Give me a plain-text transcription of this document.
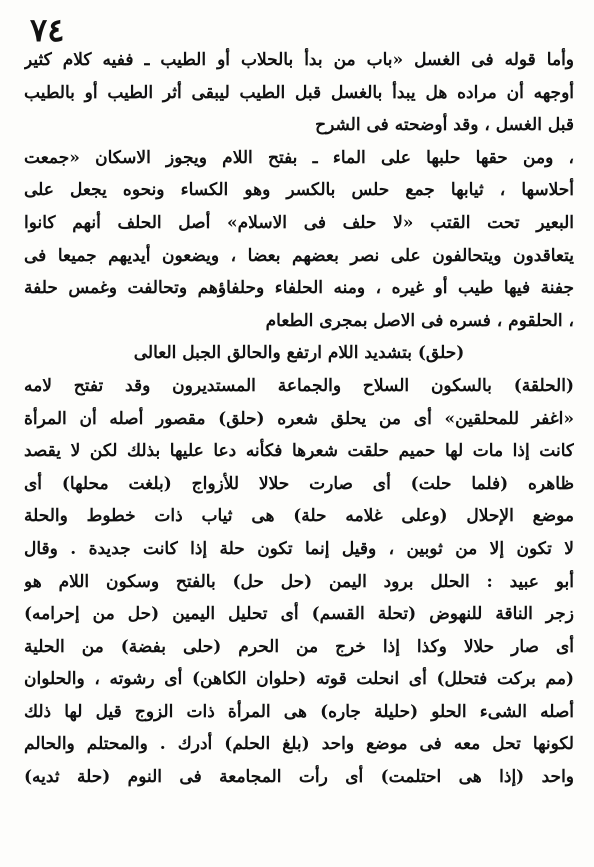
٧٤
وأما قوله فى الغسل «باب من بدأ بالحلاب أو الطيب ـ ففيه كلام كثير
أوجهه أن مراده هل يبدأ بالغسل قبل الطيب ليبقى أثر الطيب أو بالطيب
قبل الغسل ، وقد أوضحته فى الشرح
، ومن حقها حلبها على الماء ـ بفتح اللام ويجوز الاسكان «جمعت
أحلاسها ، ثيابها جمع حلس بالكسر وهو الكساء ونحوه يجعل على
البعير تحت القتب «لا حلف فى الاسلام» أصل الحلف أنهم كانوا
يتعاقدون ويتحالفون على نصر بعضهم بعضا ، ويضعون أيديهم جميعا فى
جفنة فيها طيب أو غيره ، ومنه الحلفاء وحلفاؤهم وتحالفت وغمس حلفة
، الحلقوم ، فسره فى الاصل بمجرى الطعام
(حلق) بتشديد اللام ارتفع والحالق الجبل العالى
(الحلقة) بالسكون السلاح والجماعة المستديرون وقد تفتح لامه
«اغفر للمحلقين» أى من يحلق شعره (حلق) مقصور أصله أن المرأة
كانت إذا مات لها حميم حلقت شعرها فكأنه دعا عليها بذلك لكن لا يقصد
ظاهره (فلما حلت) أى صارت حلالا للأزواج (بلغت محلها) أى
موضع الإحلال (وعلى غلامه حلة) هى ثياب ذات خطوط والحلة
لا تكون إلا من ثوبين ، وقيل إنما تكون حلة إذا كانت جديدة . وقال
أبو عبيد : الحلل برود اليمن (حل حل) بالفتح وسكون اللام هو
زجر الناقة للنهوض (تحلة القسم) أى تحليل اليمين (حل من إحرامه)
أى صار حلالا وكذا إذا خرج من الحرم (حلى بفضة) من الحلية
(مم بركت فتحلل) أى انحلت قوته (حلوان الكاهن) أى رشوته ، والحلوان
أصله الشىء الحلو (حليلة جاره) هى المرأة ذات الزوج قيل لها ذلك
لكونها تحل معه فى موضع واحد (بلغ الحلم) أدرك . والمحتلم والحالم
واحد (إذا هى احتلمت) أى رأت المجامعة فى النوم (حلة ثديه)
